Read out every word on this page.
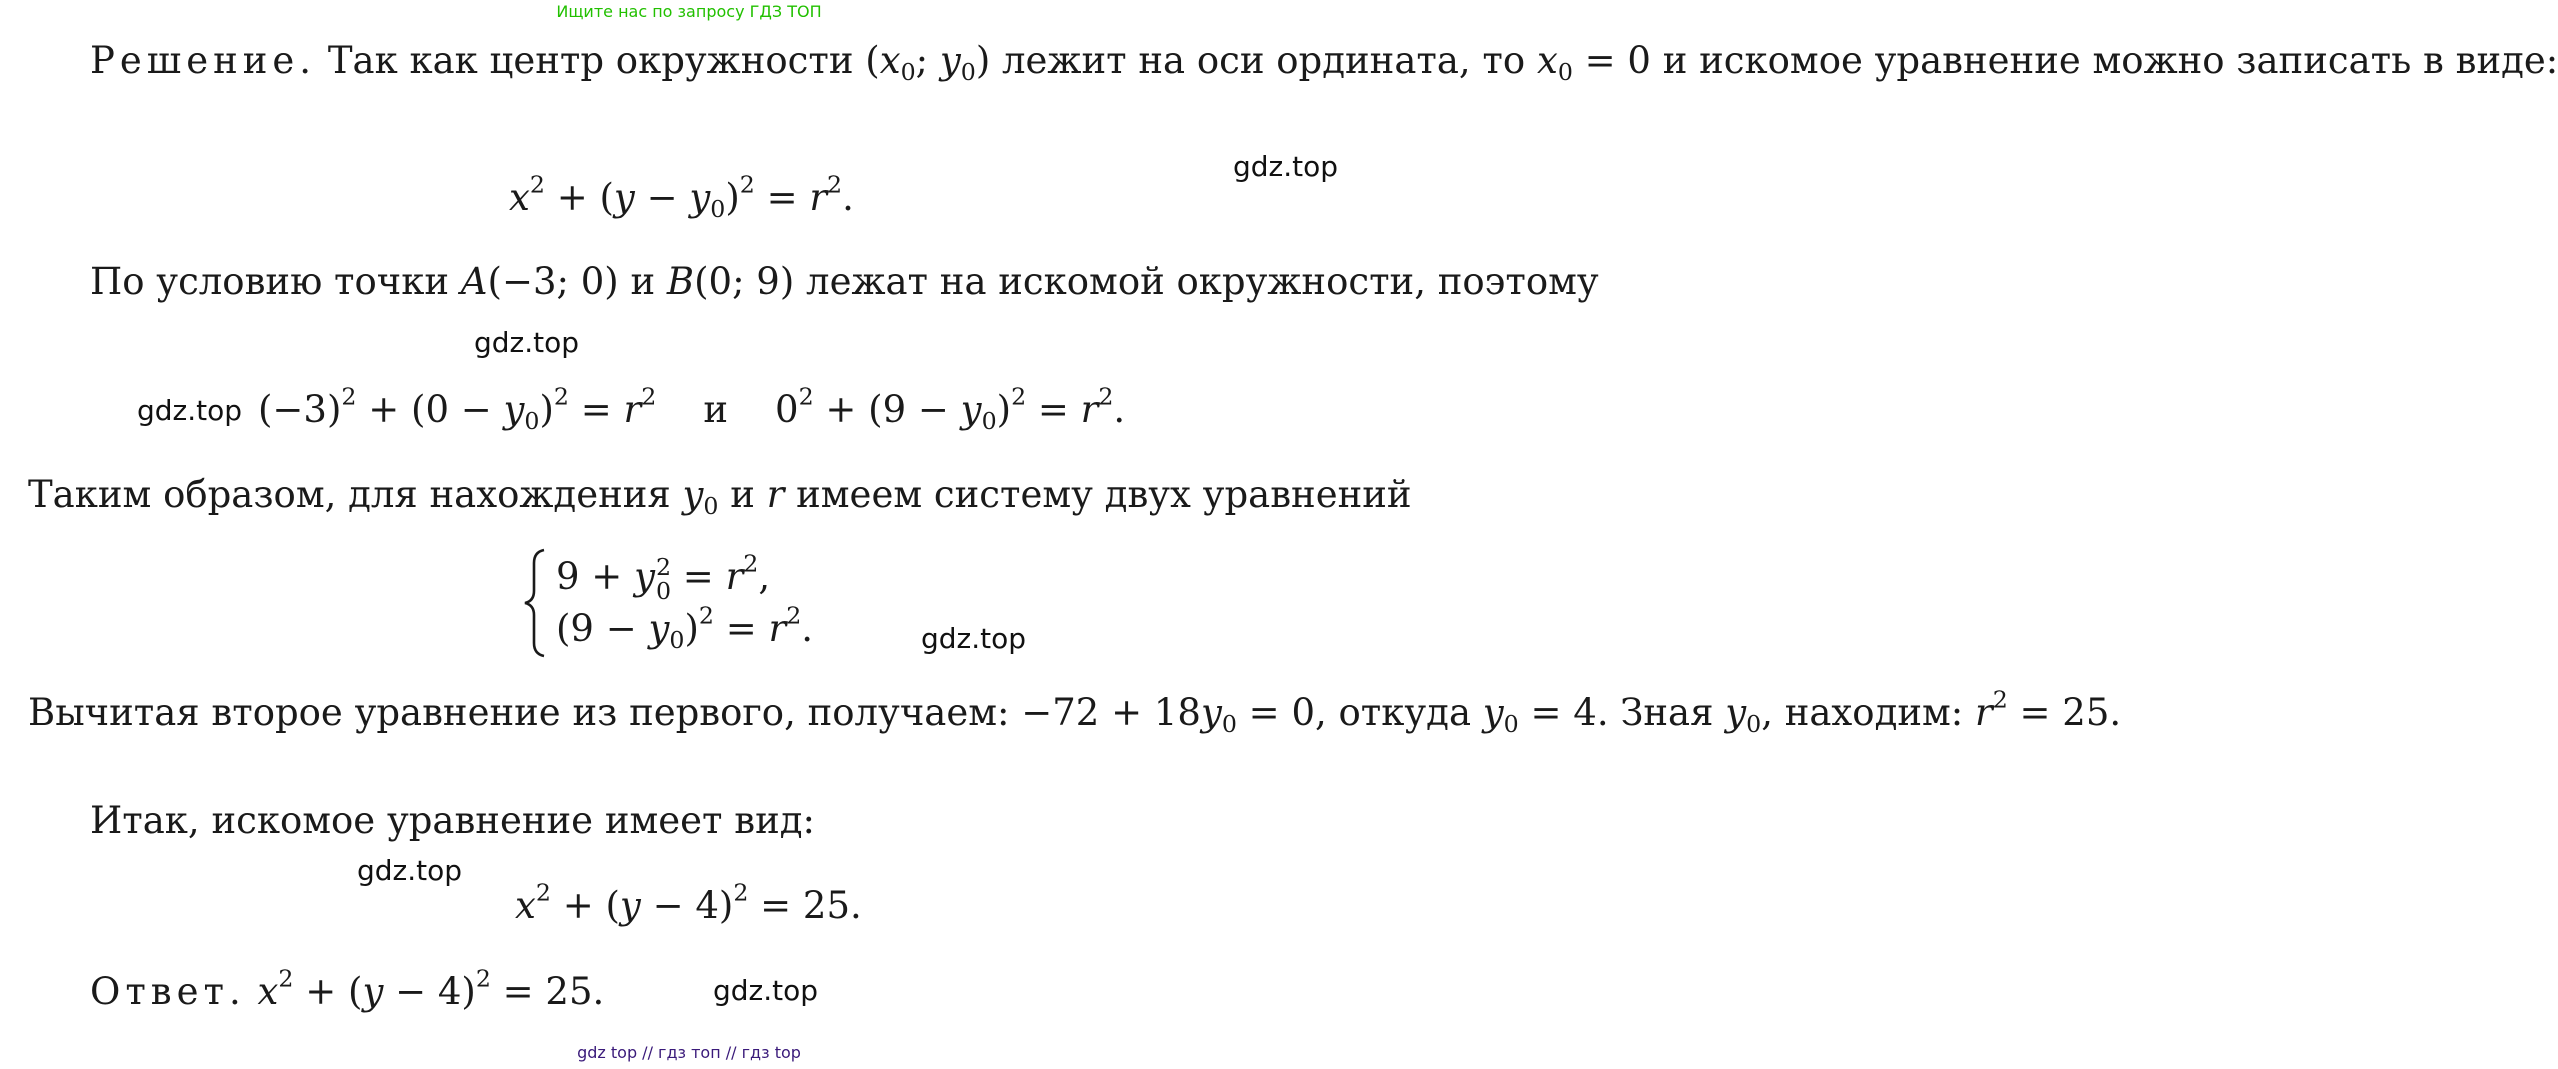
Ищите нас по запросу ГДЗ ТОП
Решение. Так как центр окружности ($x_0$; $y_0$) лежит на оси ордината, то $x_0 = 0$ и искомое уравнение можно записать в виде:
gdz.top
$x^2 + (y - y_0)^2 = r^2$.
По условию точки A(−3; 0) и B(0; 9) лежат на искомой окружности, поэтому
gdz.top
gdz.top $(-3)^2 + (0 - y_0)^2 = r^2$ и    $0^2 + (9 - y_0)^2 = r^2$.
Таким образом, для нахождения $y_0$ и r имеем систему двух уравнений
9 + y 2
$0 = r^2$,
$(9 - y_0)^2 = r^2$.	gdz.top
Вычитая второе уравнение из первого, получаем: $-72 + 18y_0 = 0$, откуда $y_0 = 4$. Зная $y_0$, находим: $r^2 = 25$.
Итак, искомое уравнение имеет вид:
gdz.top
$x^2 + (y - 4)^2 = 25$.
Ответ. $x^2 + (y - 4)^2 = 25$.	gdz.top
gdz top // гдз топ // гдз top
